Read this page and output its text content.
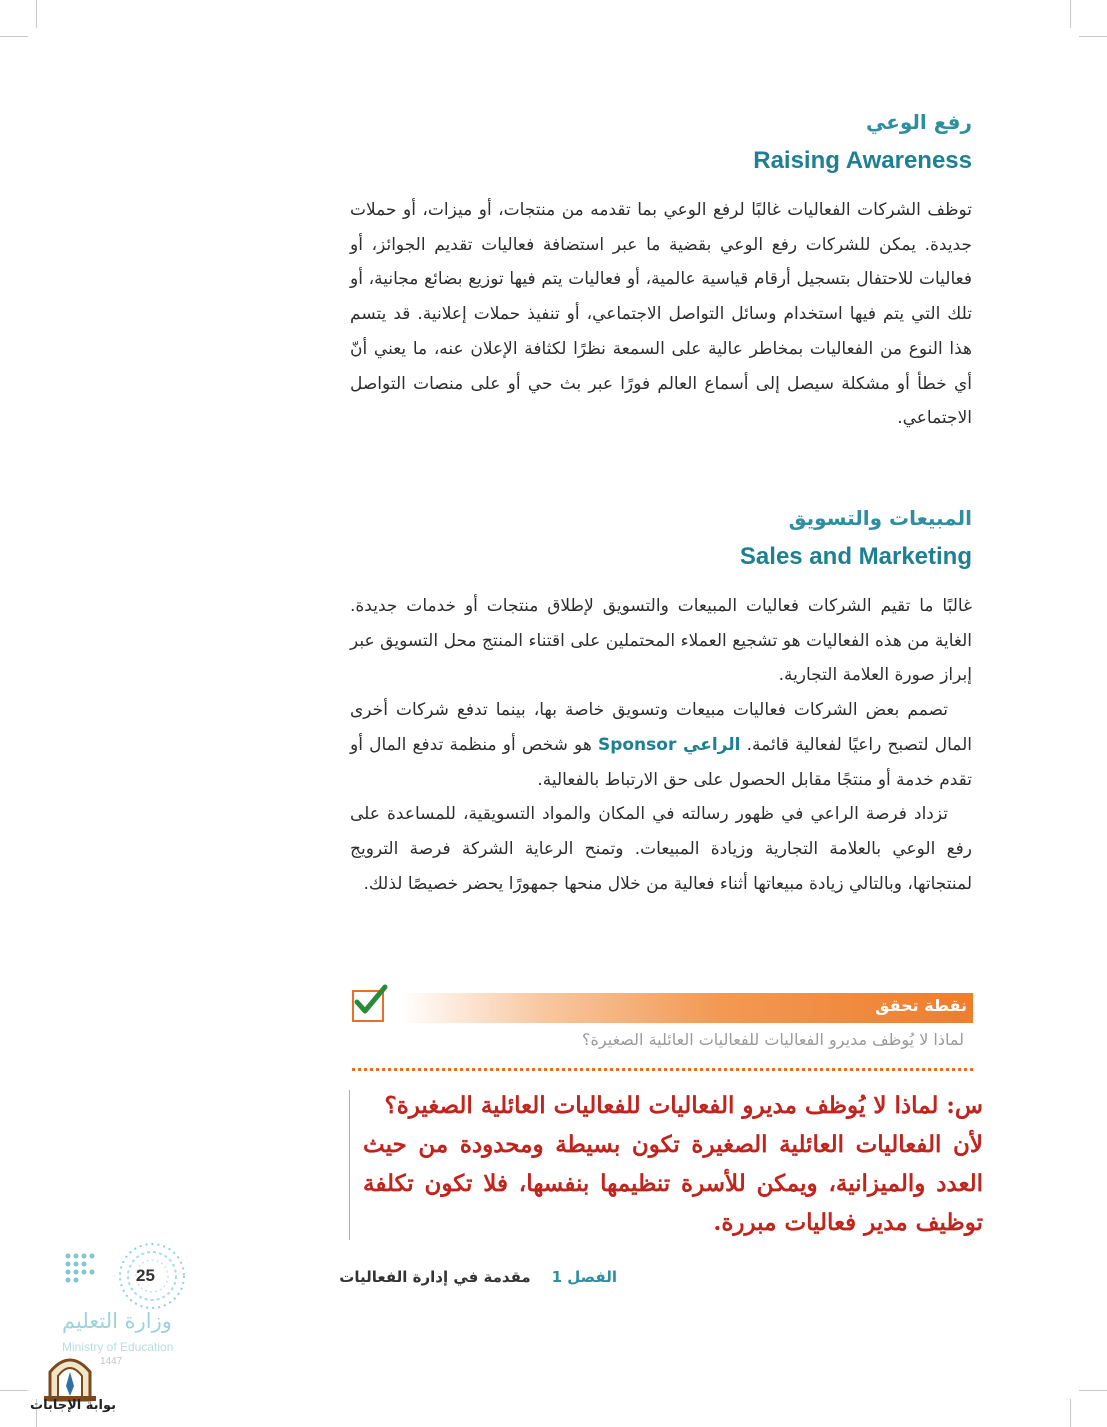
رفع الوعي
Raising Awareness

توظف الشركات الفعاليات غالبًا لرفع الوعي بما تقدمه من منتجات، أو ميزات، أو حملات جديدة. يمكن للشركات رفع الوعي بقضية ما عبر استضافة فعاليات تقديم الجوائز، أو فعاليات للاحتفال بتسجيل أرقام قياسية عالمية، أو فعاليات يتم فيها توزيع بضائع مجانية، أو تلك التي يتم فيها استخدام وسائل التواصل الاجتماعي، أو تنفيذ حملات إعلانية. قد يتسم هذا النوع من الفعاليات بمخاطر عالية على السمعة نظرًا لكثافة الإعلان عنه، ما يعني أنّ أي خطأ أو مشكلة سيصل إلى أسماع العالم فورًا عبر بث حي أو على منصات التواصل الاجتماعي.

المبيعات والتسويق
Sales and Marketing

غالبًا ما تقيم الشركات فعاليات المبيعات والتسويق لإطلاق منتجات أو خدمات جديدة. الغاية من هذه الفعاليات هو تشجيع العملاء المحتملين على اقتناء المنتج محل التسويق عبر إبراز صورة العلامة التجارية.

تصمم بعض الشركات فعاليات مبيعات وتسويق خاصة بها، بينما تدفع شركات أخرى المال لتصبح راعيًا لفعالية قائمة. الراعي Sponsor هو شخص أو منظمة تدفع المال أو تقدم خدمة أو منتجًا مقابل الحصول على حق الارتباط بالفعالية.

تزداد فرصة الراعي في ظهور رسالته في المكان والمواد التسويقية، للمساعدة على رفع الوعي بالعلامة التجارية وزيادة المبيعات. وتمنح الرعاية الشركة فرصة الترويج لمنتجاتها، وبالتالي زيادة مبيعاتها أثناء فعالية من خلال منحها جمهورًا يحضر خصيصًا لذلك.

نقطة تحقق
لماذا لا يُوظف مديرو الفعاليات للفعاليات العائلية الصغيرة؟

س: لماذا لا يُوظف مديرو الفعاليات للفعاليات العائلية الصغيرة؟

لأن الفعاليات العائلية الصغيرة تكون بسيطة ومحدودة من حيث العدد والميزانية، ويمكن للأسرة تنظيمها بنفسها، فلا تكون تكلفة توظيف مدير فعاليات مبررة.

الفصل 1    مقدمة في إدارة الفعاليات
25
وزارة التعليم
Ministry of Education
1447
بوابة الإجابات
